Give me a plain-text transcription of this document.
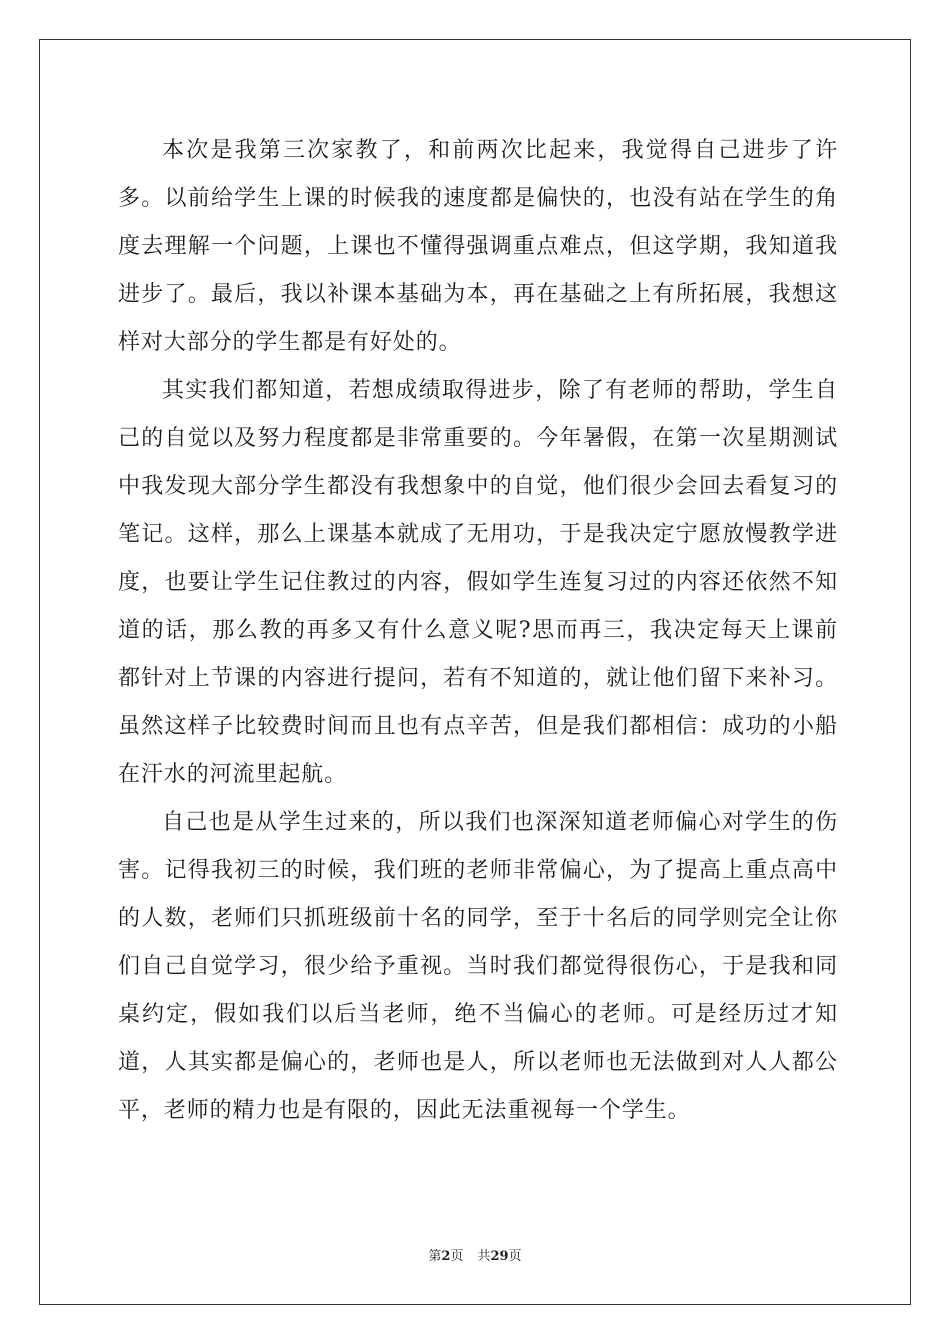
本次是我第三次家教了，和前两次比起来，我觉得自己进步了许多。以前给学生上课的时候我的速度都是偏快的，也没有站在学生的角度去理解一个问题，上课也不懂得强调重点难点，但这学期，我知道我进步了。最后，我以补课本基础为本，再在基础之上有所拓展，我想这样对大部分的学生都是有好处的。

其实我们都知道，若想成绩取得进步，除了有老师的帮助，学生自己的自觉以及努力程度都是非常重要的。今年暑假，在第一次星期测试中我发现大部分学生都没有我想象中的自觉，他们很少会回去看复习的笔记。这样，那么上课基本就成了无用功，于是我决定宁愿放慢教学进度，也要让学生记住教过的内容，假如学生连复习过的内容还依然不知道的话，那么教的再多又有什么意义呢?思而再三，我决定每天上课前都针对上节课的内容进行提问，若有不知道的，就让他们留下来补习。虽然这样子比较费时间而且也有点辛苦，但是我们都相信：成功的小船在汗水的河流里起航。

自己也是从学生过来的，所以我们也深深知道老师偏心对学生的伤害。记得我初三的时候，我们班的老师非常偏心，为了提高上重点高中的人数，老师们只抓班级前十名的同学，至于十名后的同学则完全让你们自己自觉学习，很少给予重视。当时我们都觉得很伤心，于是我和同桌约定，假如我们以后当老师，绝不当偏心的老师。可是经历过才知道，人其实都是偏心的，老师也是人，所以老师也无法做到对人人都公平，老师的精力也是有限的，因此无法重视每一个学生。

第2页 共29页
